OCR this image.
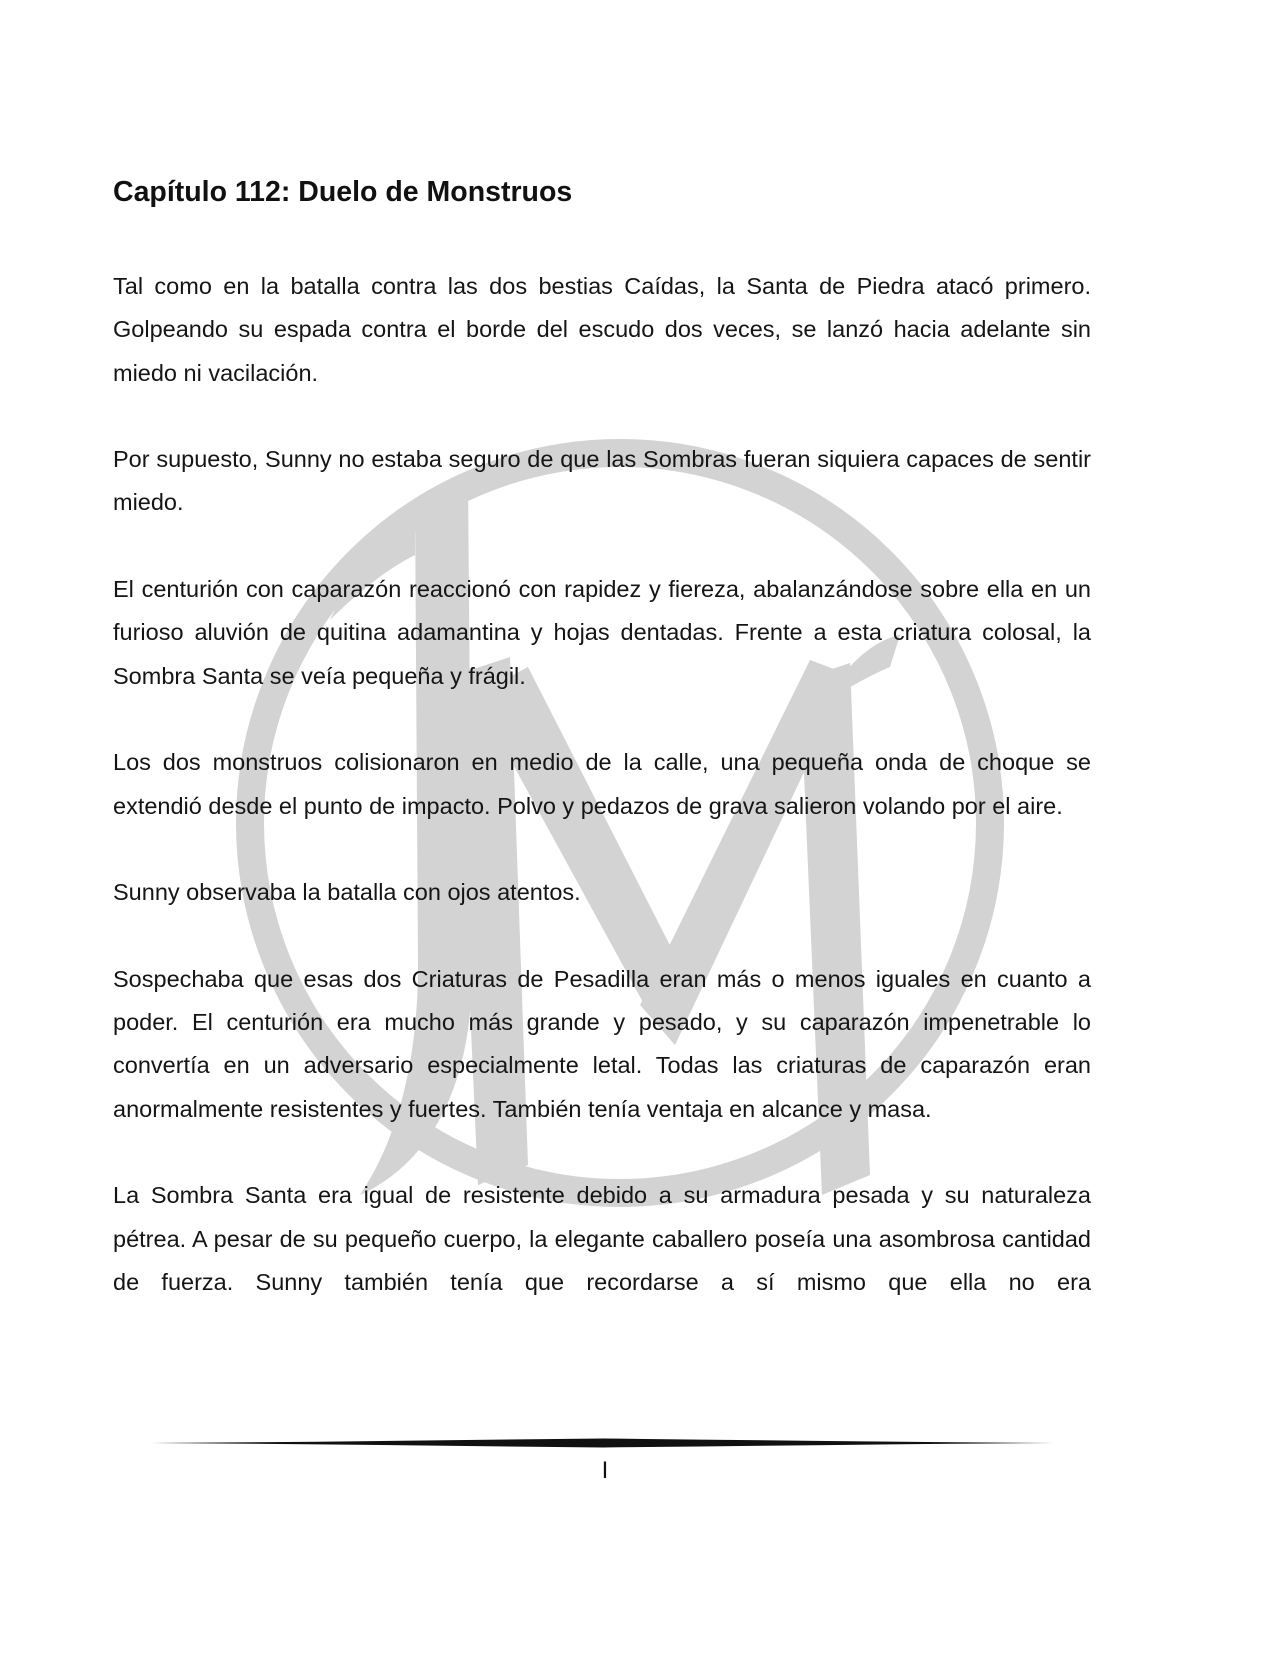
Capítulo 112: Duelo de Monstruos

Tal como en la batalla contra las dos bestias Caídas, la Santa de Piedra atacó primero. Golpeando su espada contra el borde del escudo dos veces, se lanzó hacia adelante sin miedo ni vacilación.

Por supuesto, Sunny no estaba seguro de que las Sombras fueran siquiera capaces de sentir miedo.

El centurión con caparazón reaccionó con rapidez y fiereza, abalanzándose sobre ella en un furioso aluvión de quitina adamantina y hojas dentadas. Frente a esta criatura colosal, la Sombra Santa se veía pequeña y frágil.

Los dos monstruos colisionaron en medio de la calle, una pequeña onda de choque se extendió desde el punto de impacto. Polvo y pedazos de grava salieron volando por el aire.

Sunny observaba la batalla con ojos atentos.

Sospechaba que esas dos Criaturas de Pesadilla eran más o menos iguales en cuanto a poder. El centurión era mucho más grande y pesado, y su caparazón impenetrable lo convertía en un adversario especialmente letal. Todas las criaturas de caparazón eran anormalmente resistentes y fuertes. También tenía ventaja en alcance y masa.

La Sombra Santa era igual de resistente debido a su armadura pesada y su naturaleza pétrea. A pesar de su pequeño cuerpo, la elegante caballero poseía una asombrosa cantidad de fuerza. Sunny también tenía que recordarse a sí mismo que ella no era

I
